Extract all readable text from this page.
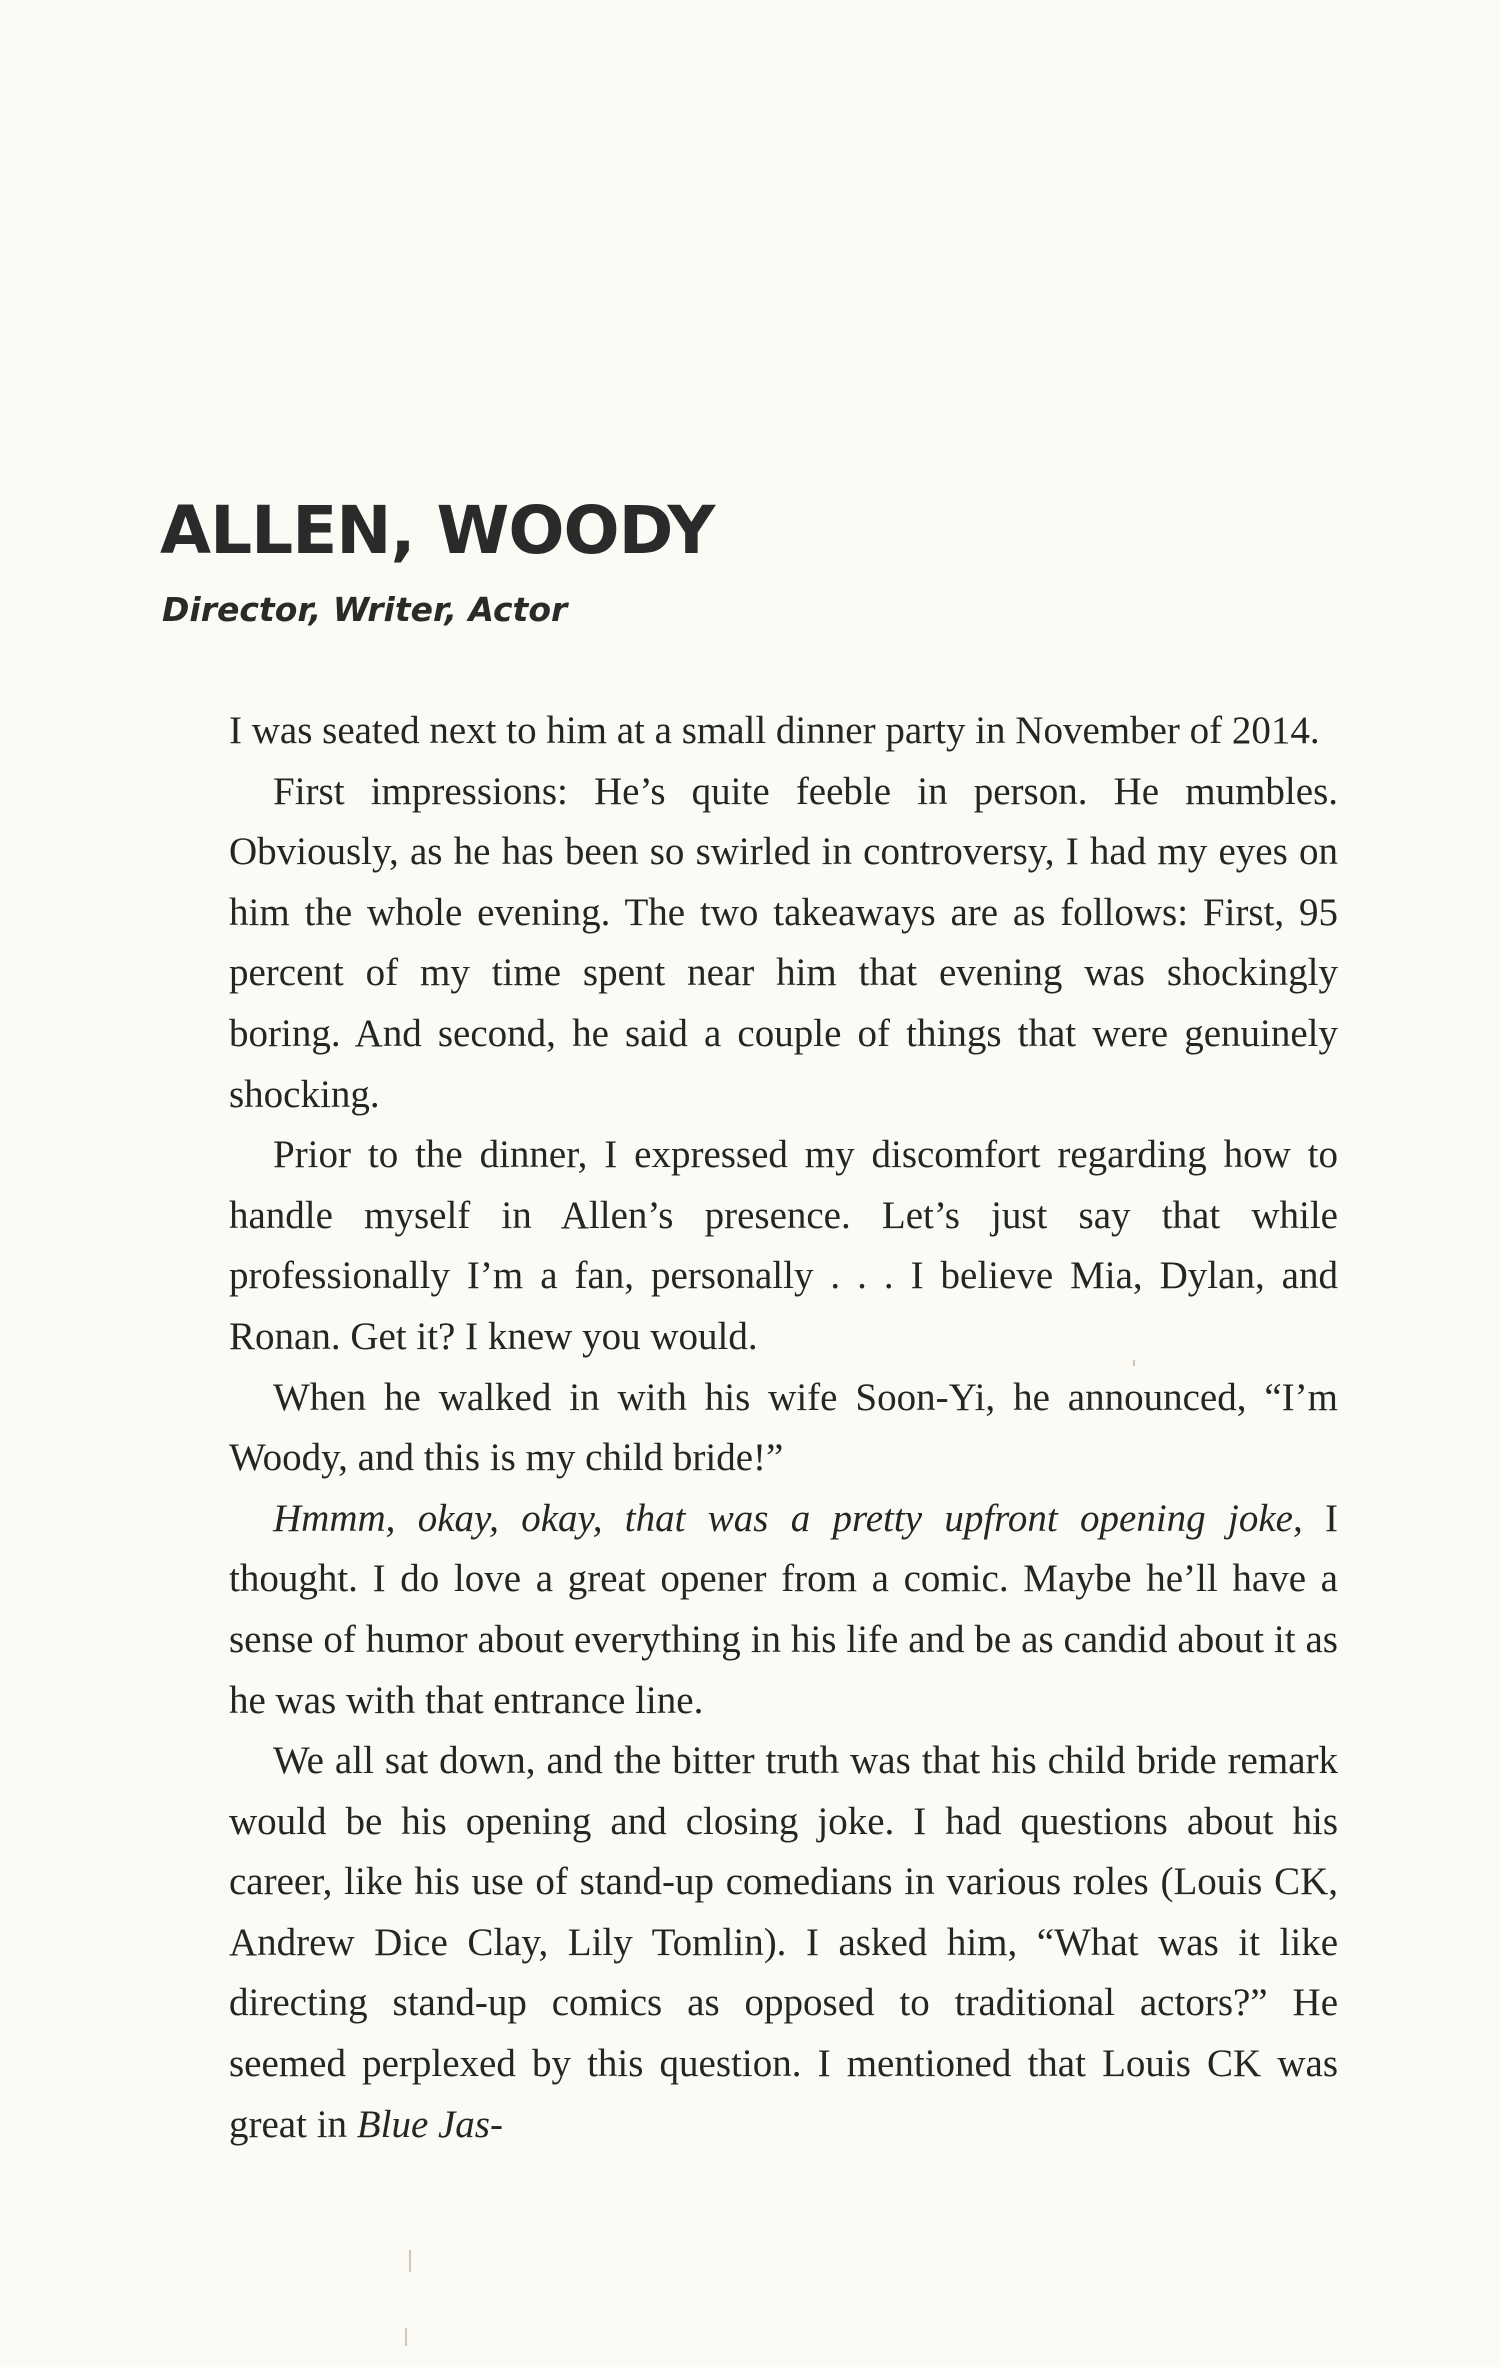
ALLEN, WOODY
Director, Writer, Actor

I was seated next to him at a small dinner party in November of 2014.

First impressions: He’s quite feeble in person. He mumbles. Obviously, as he has been so swirled in controversy, I had my eyes on him the whole evening. The two takeaways are as follows: First, 95 percent of my time spent near him that evening was shockingly boring. And second, he said a couple of things that were genuinely shocking.

Prior to the dinner, I expressed my discomfort regarding how to handle myself in Allen’s presence. Let’s just say that while professionally I’m a fan, personally . . . I believe Mia, Dylan, and Ronan. Get it? I knew you would.

When he walked in with his wife Soon-Yi, he announced, “I’m Woody, and this is my child bride!”

Hmmm, okay, okay, that was a pretty upfront opening joke, I thought. I do love a great opener from a comic. Maybe he’ll have a sense of humor about everything in his life and be as candid about it as he was with that entrance line.

We all sat down, and the bitter truth was that his child bride remark would be his opening and closing joke. I had questions about his career, like his use of stand-up comedians in various roles (Louis CK, Andrew Dice Clay, Lily Tomlin). I asked him, “What was it like directing stand-up comics as opposed to traditional actors?” He seemed perplexed by this question. I mentioned that Louis CK was great in Blue Jas-
